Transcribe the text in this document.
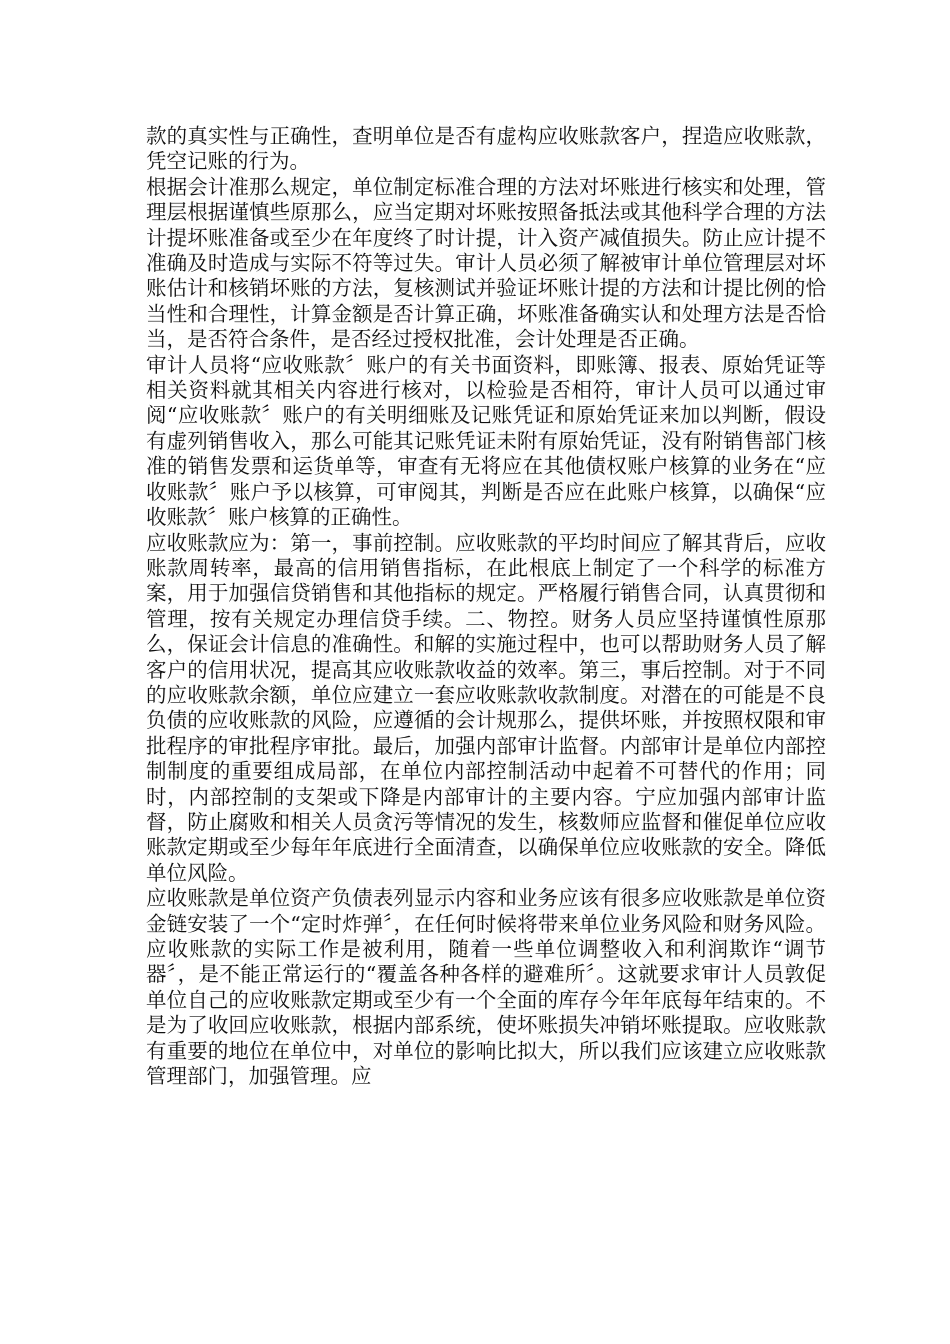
款的真实性与正确性，查明单位是否有虚构应收账款客户，捏造应收账款，凭空记账的行为。

根据会计准那么规定，单位制定标准合理的方法对坏账进行核实和处理，管理层根据谨慎些原那么，应当定期对坏账按照备抵法或其他科学合理的方法计提坏账准备或至少在年度终了时计提，计入资产减值损失。防止应计提不准确及时造成与实际不符等过失。审计人员必须了解被审计单位管理层对坏账估计和核销坏账的方法，复核测试并验证坏账计提的方法和计提比例的恰当性和合理性，计算金额是否计算正确，坏账准备确实认和处理方法是否恰当，是否符合条件，是否经过授权批准，会计处理是否正确。

审计人员将“应收账款〞账户的有关书面资料，即账簿、报表、原始凭证等相关资料就其相关内容进行核对，以检验是否相符，审计人员可以通过审阅“应收账款〞账户的有关明细账及记账凭证和原始凭证来加以判断，假设有虚列销售收入，那么可能其记账凭证未附有原始凭证，没有附销售部门核准的销售发票和运货单等，审查有无将应在其他债权账户核算的业务在“应收账款〞账户予以核算，可审阅其，判断是否应在此账户核算，以确保“应收账款〞账户核算的正确性。

应收账款应为：第一，事前控制。应收账款的平均时间应了解其背后，应收账款周转率，最高的信用销售指标，在此根底上制定了一个科学的标准方案，用于加强信贷销售和其他指标的规定。严格履行销售合同，认真贯彻和管理，按有关规定办理信贷手续。二、物控。财务人员应坚持谨慎性原那么，保证会计信息的准确性。和解的实施过程中，也可以帮助财务人员了解客户的信用状况，提高其应收账款收益的效率。第三，事后控制。对于不同的应收账款余额，单位应建立一套应收账款收款制度。对潜在的可能是不良负债的应收账款的风险，应遵循的会计规那么，提供坏账，并按照权限和审批程序的审批程序审批。最后，加强内部审计监督。内部审计是单位内部控制制度的重要组成局部，在单位内部控制活动中起着不可替代的作用；同时，内部控制的支架或下降是内部审计的主要内容。宁应加强内部审计监督，防止腐败和相关人员贪污等情况的发生，核数师应监督和催促单位应收账款定期或至少每年年底进行全面清查，以确保单位应收账款的安全。降低单位风险。

应收账款是单位资产负债表列显示内容和业务应该有很多应收账款是单位资金链安装了一个“定时炸弹〞，在任何时候将带来单位业务风险和财务风险。应收账款的实际工作是被利用，随着一些单位调整收入和利润欺诈“调节器〞，是不能正常运行的“覆盖各种各样的避难所〞。这就要求审计人员敦促单位自己的应收账款定期或至少有一个全面的库存今年年底每年结束的。不是为了收回应收账款，根据内部系统，使坏账损失冲销坏账提取。应收账款有重要的地位在单位中，对单位的影响比拟大，所以我们应该建立应收账款管理部门，加强管理。应
